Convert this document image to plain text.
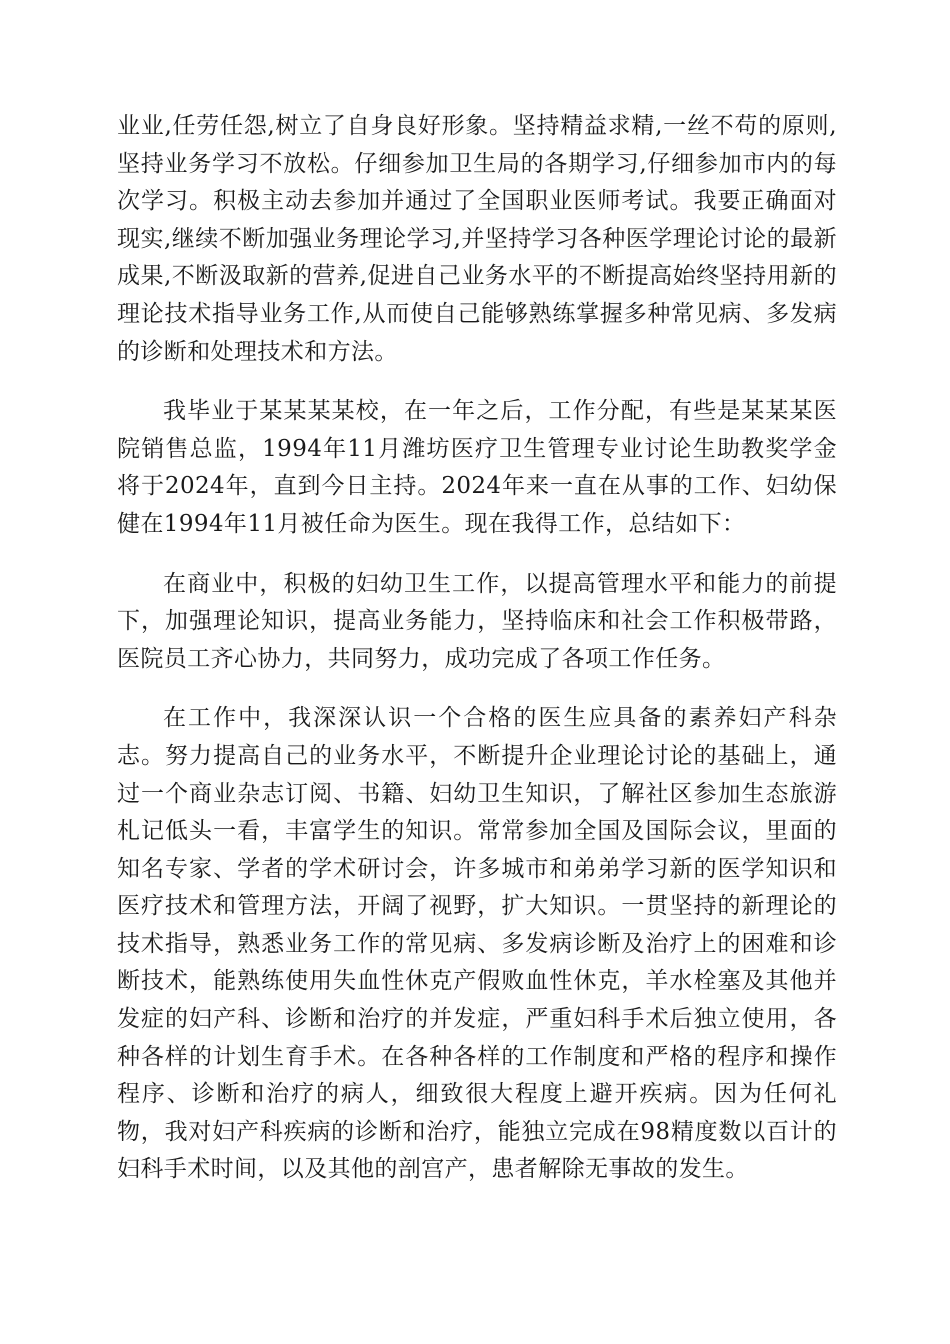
业业,任劳任怨,树立了自身良好形象。坚持精益求精,一丝不苟的原则,坚持业务学习不放松。仔细参加卫生局的各期学习,仔细参加市内的每次学习。积极主动去参加并通过了全国职业医师考试。我要正确面对现实,继续不断加强业务理论学习,并坚持学习各种医学理论讨论的最新成果,不断汲取新的营养,促进自己业务水平的不断提高始终坚持用新的理论技术指导业务工作,从而使自己能够熟练掌握多种常见病、多发病的诊断和处理技术和方法。

我毕业于某某某某校，在一年之后，工作分配，有些是某某某医院销售总监，1994年11月潍坊医疗卫生管理专业讨论生助教奖学金将于2024年，直到今日主持。2024年来一直在从事的工作、妇幼保健在1994年11月被任命为医生。现在我得工作，总结如下：

在商业中，积极的妇幼卫生工作，以提高管理水平和能力的前提下，加强理论知识，提高业务能力，坚持临床和社会工作积极带路，医院员工齐心协力，共同努力，成功完成了各项工作任务。

在工作中，我深深认识一个合格的医生应具备的素养妇产科杂志。努力提高自己的业务水平，不断提升企业理论讨论的基础上，通过一个商业杂志订阅、书籍、妇幼卫生知识，了解社区参加生态旅游札记低头一看，丰富学生的知识。常常参加全国及国际会议，里面的知名专家、学者的学术研讨会，许多城市和弟弟学习新的医学知识和医疗技术和管理方法，开阔了视野，扩大知识。一贯坚持的新理论的技术指导，熟悉业务工作的常见病、多发病诊断及治疗上的困难和诊断技术，能熟练使用失血性休克产假败血性休克，羊水栓塞及其他并发症的妇产科、诊断和治疗的并发症，严重妇科手术后独立使用，各种各样的计划生育手术。在各种各样的工作制度和严格的程序和操作程序、诊断和治疗的病人，细致很大程度上避开疾病。因为任何礼物，我对妇产科疾病的诊断和治疗，能独立完成在98精度数以百计的妇科手术时间，以及其他的剖宫产，患者解除无事故的发生。
